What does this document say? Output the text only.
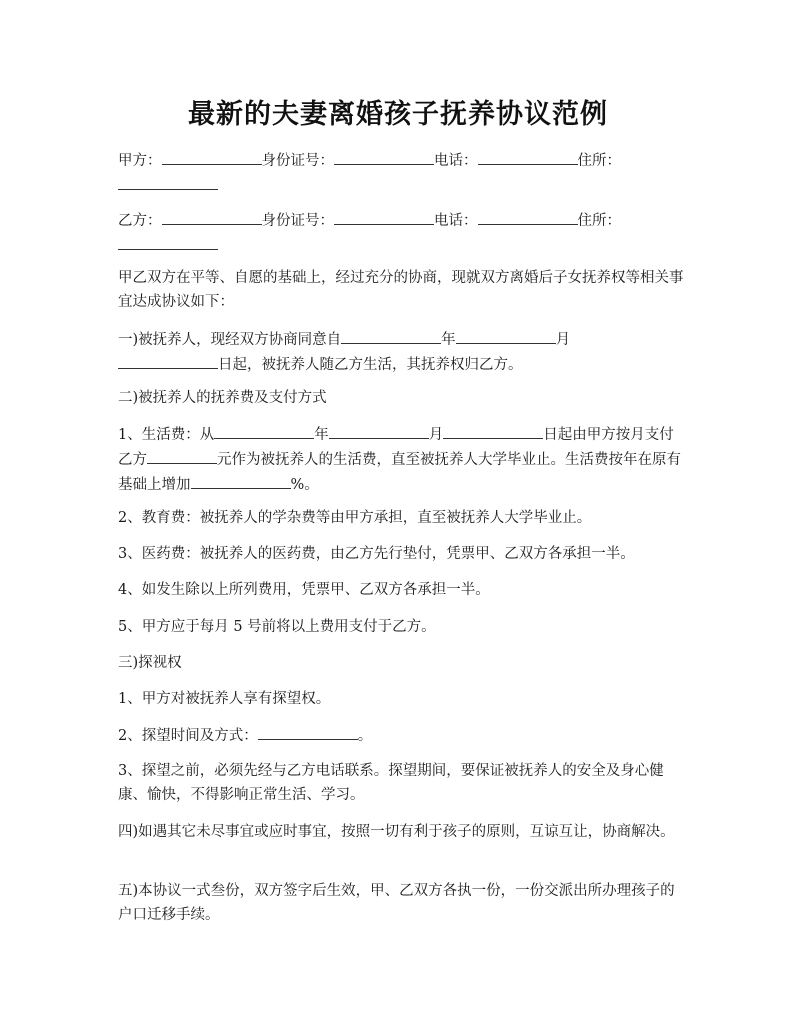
最新的夫妻离婚孩子抚养协议范例
甲方：	身份证号：	电话：	住所：

乙方：	身份证号：	电话：	住所：

甲乙双方在平等、自愿的基础上，经过充分的协商，现就双方离婚后子女抚养权等相关事宜达成协议如下：
一)被抚养人，现经双方协商同意自	年	月
日起，被抚养人随乙方生活，其抚养权归乙方。
二)被抚养人的抚养费及支付方式
1、生活费：从	年	月	日起由甲方按月支付乙方	元作为被抚养人的生活费，直至被抚养人大学毕业止。生活费按年在原有基础上增加	%。
2、教育费：被抚养人的学杂费等由甲方承担，直至被抚养人大学毕业止。
3、医药费：被抚养人的医药费，由乙方先行垫付，凭票甲、乙双方各承担一半。
4、如发生除以上所列费用，凭票甲、乙双方各承担一半。
5、甲方应于每月 5 号前将以上费用支付于乙方。
三)探视权
1、甲方对被抚养人享有探望权。
2、探望时间及方式：	。
3、探望之前，必须先经与乙方电话联系。探望期间，要保证被抚养人的安全及身心健康、愉快，不得影响正常生活、学习。
四)如遇其它未尽事宜或应时事宜，按照一切有利于孩子的原则，互谅互让，协商解决。
五)本协议一式叁份，双方签字后生效，甲、乙双方各执一份，一份交派出所办理孩子的户口迁移手续。
